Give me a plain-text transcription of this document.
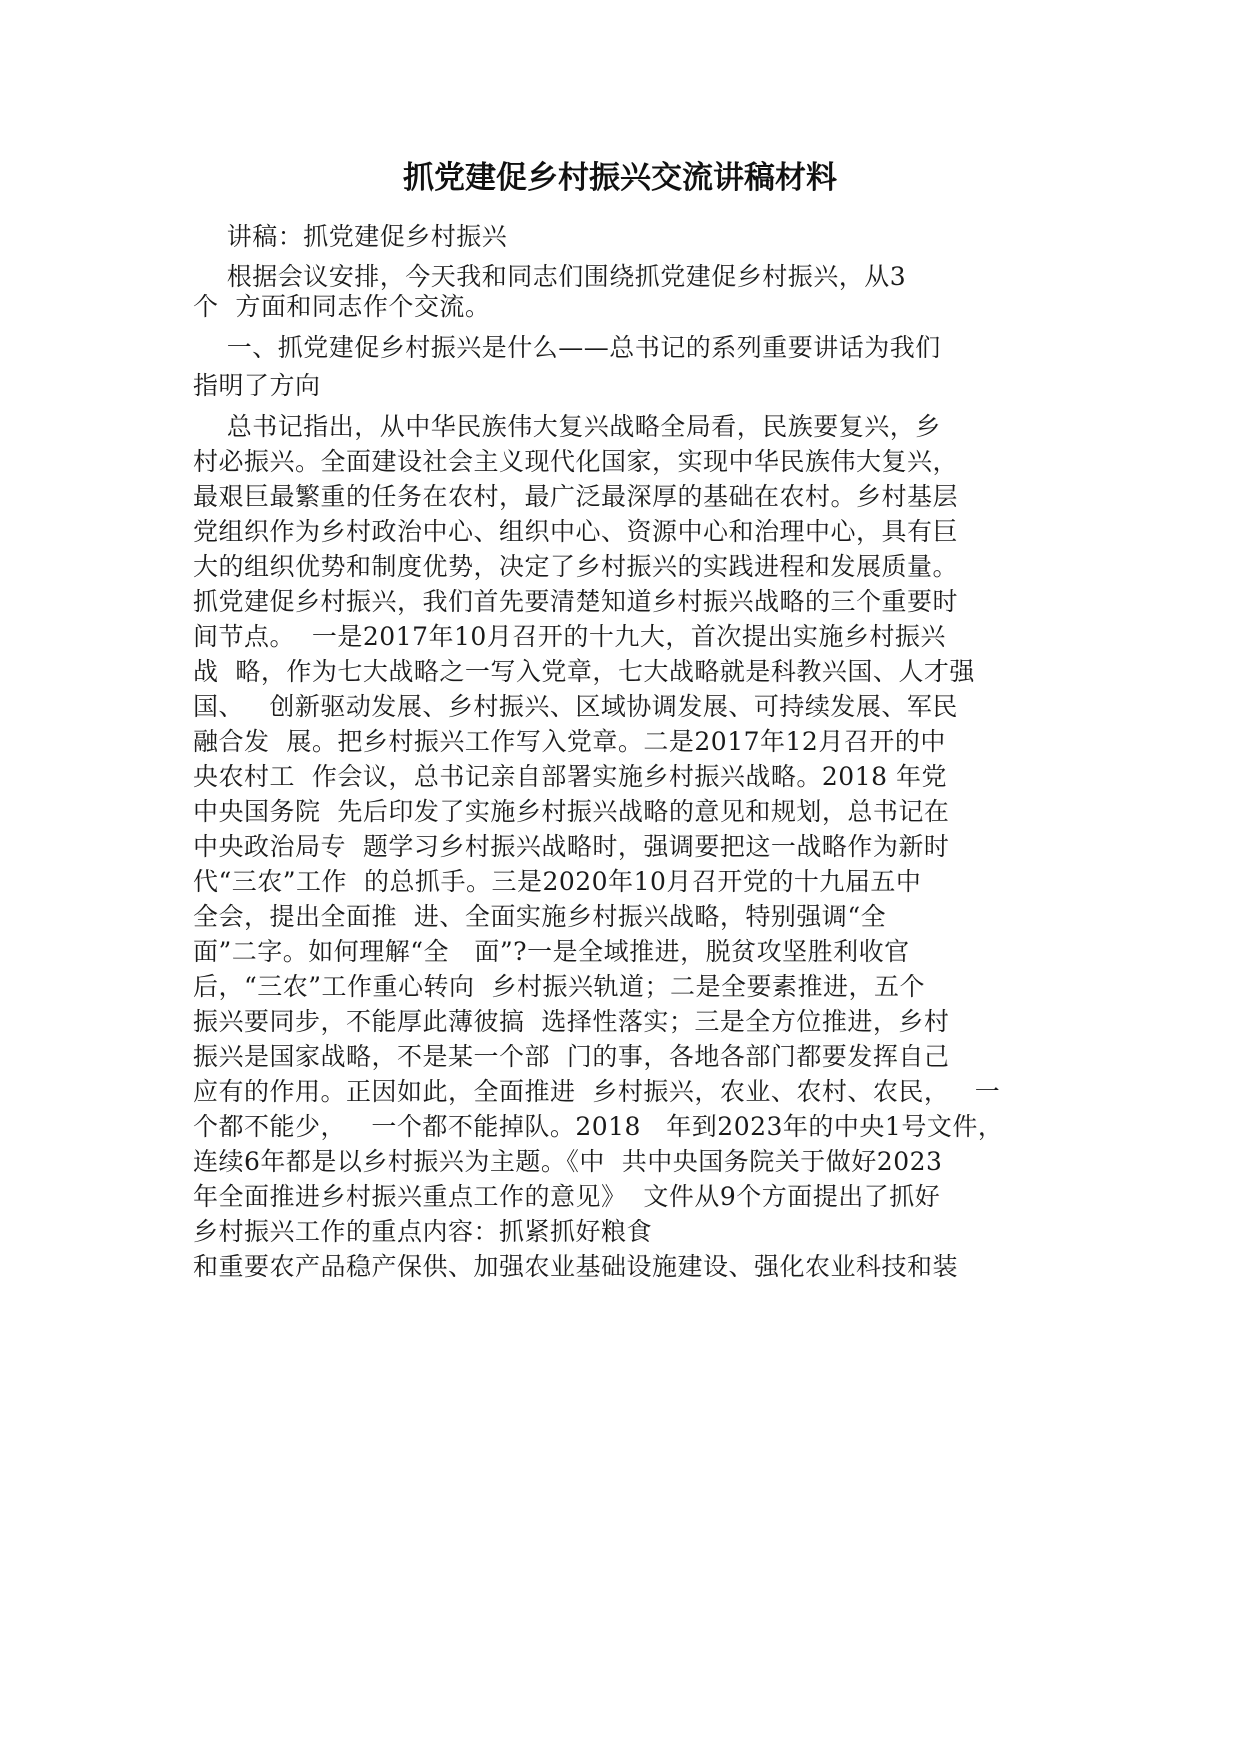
抓党建促乡村振兴交流讲稿材料

讲稿：抓党建促乡村振兴

根据会议安排，今天我和同志们围绕抓党建促乡村振兴，从3

个  方面和同志作个交流。

一、抓党建促乡村振兴是什么——总书记的系列重要讲话为我们

指明了方向

总书记指出，从中华民族伟大复兴战略全局看，民族要复兴，乡

村必振兴。全面建设社会主义现代化国家，实现中华民族伟大复兴，

最艰巨最繁重的任务在农村，最广泛最深厚的基础在农村。乡村基层

党组织作为乡村政治中心、组织中心、资源中心和治理中心，具有巨

大的组织优势和制度优势，决定了乡村振兴的实践进程和发展质量。

抓党建促乡村振兴，我们首先要清楚知道乡村振兴战略的三个重要时

间节点。  一是2017年10月召开的十九大，首次提出实施乡村振兴

战  略，作为七大战略之一写入党章，七大战略就是科教兴国、人才强

国、   创新驱动发展、乡村振兴、区域协调发展、可持续发展、军民

融合发  展。把乡村振兴工作写入党章。二是2017年12月召开的中

央农村工  作会议，总书记亲自部署实施乡村振兴战略。2018 年党

中央国务院  先后印发了实施乡村振兴战略的意见和规划，总书记在

中央政治局专  题学习乡村振兴战略时，强调要把这一战略作为新时

代“三农”工作  的总抓手。三是2020年10月召开党的十九届五中

全会，提出全面推  进、全面实施乡村振兴战略，特别强调“全

面”二字。如何理解“全   面”?一是全域推进，脱贫攻坚胜利收官

后，“三农”工作重心转向  乡村振兴轨道；二是全要素推进，五个

振兴要同步，不能厚此薄彼搞  选择性落实；三是全方位推进，乡村

振兴是国家战略，不是某一个部  门的事，各地各部门都要发挥自己

应有的作用。正因如此，全面推进  乡村振兴，农业、农村、农民，   一

个都不能少，   一个都不能掉队。2018   年到2023年的中央1号文件，

连续6年都是以乡村振兴为主题。《中  共中央国务院关于做好2023

年全面推进乡村振兴重点工作的意见》  文件从9个方面提出了抓好

乡村振兴工作的重点内容：抓紧抓好粮食

和重要农产品稳产保供、加强农业基础设施建设、强化农业科技和装
